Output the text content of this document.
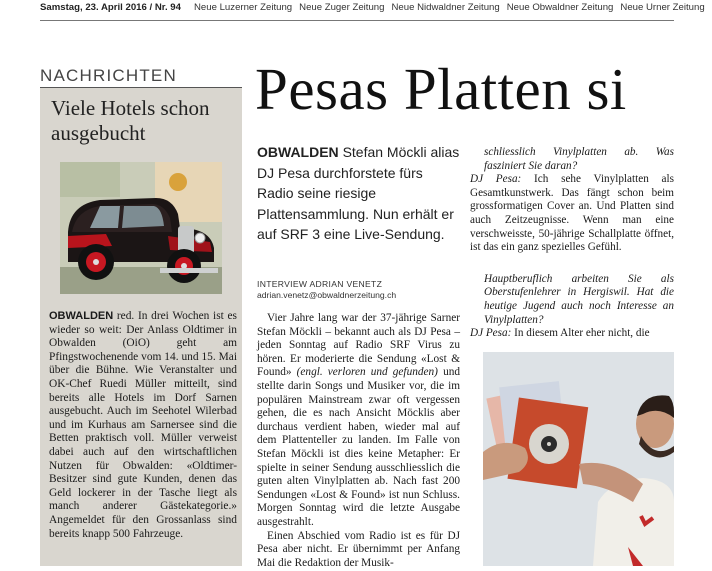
Samstag, 23. April 2016 / Nr. 94 Neue Luzerner Zeitung Neue Zuger Zeitung Neue Nidwaldner Zeitung Neue Obwaldner Zeitung Neue Urner Zeitung
NACHRICHTEN
Viele Hotels schon ausgebucht
OBWALDEN red. In drei Wochen ist es wieder so weit: Der Anlass Oldtimer in Obwalden (OiO) geht am Pfingstwochenende vom 14. und 15. Mai über die Bühne. Wie Veranstalter und OK-Chef Ruedi Müller mitteilt, sind bereits alle Hotels im Dorf Sarnen ausgebucht. Auch im Seehotel Wilerbad und im Kurhaus am Sarnersee sind die Betten praktisch voll. Müller verweist dabei auch auf den wirtschaftlichen Nutzen für Obwalden: «Oldtimer-Besitzer sind gute Kunden, denen das Geld lockerer in der Tasche liegt als manch anderer Gästekategorie.» Angemeldet für den Grossanlass sind bereits knapp 500 Fahrzeuge.
Pesas Platten si
OBWALDEN Stefan Möckli alias DJ Pesa durchforstete fürs Radio seine riesige Plattensammlung. Nun erhält er auf SRF 3 eine Live-Sendung.
INTERVIEW ADRIAN VENETZ
adrian.venetz@obwaldnerzeitung.ch

Vier Jahre lang war der 37-jährige Sarner Stefan Möckli – bekannt auch als DJ Pesa – jeden Sonntag auf Radio SRF Virus zu hören. Er moderierte die Sendung «Lost & Found» (engl. verloren und gefunden) und stellte darin Songs und Musiker vor, die im populären Mainstream zwar oft vergessen gehen, die es nach Ansicht Möcklis aber durchaus verdient haben, wieder mal auf dem Plattenteller zu landen. Im Falle von Stefan Möckli ist dies keine Metapher: Er spielte in seiner Sendung ausschliesslich die guten alten Vinylplatten ab. Nach fast 200 Sendungen «Lost & Found» ist nun Schluss. Morgen Sonntag wird die letzte Ausgabe ausgestrahlt.

Einen Abschied vom Radio ist es für DJ Pesa aber nicht. Er übernimmt per Anfang Mai die Redaktion der Musik-

schliesslich Vinylplatten ab. Was fasziniert Sie daran?

DJ Pesa: Ich sehe Vinylplatten als Gesamtkunstwerk. Das fängt schon beim grossformatigen Cover an. Und Platten sind auch Zeitzeugnisse. Wenn man eine verschweisste, 50-jährige Schallplatte öffnet, ist das ein ganz spezielles Gefühl.

Hauptberuflich arbeiten Sie als Oberstufenlehrer in Hergiswil. Hat die heutige Jugend auch noch Interesse an Vinylplatten?

DJ Pesa: In diesem Alter eher nicht, die
